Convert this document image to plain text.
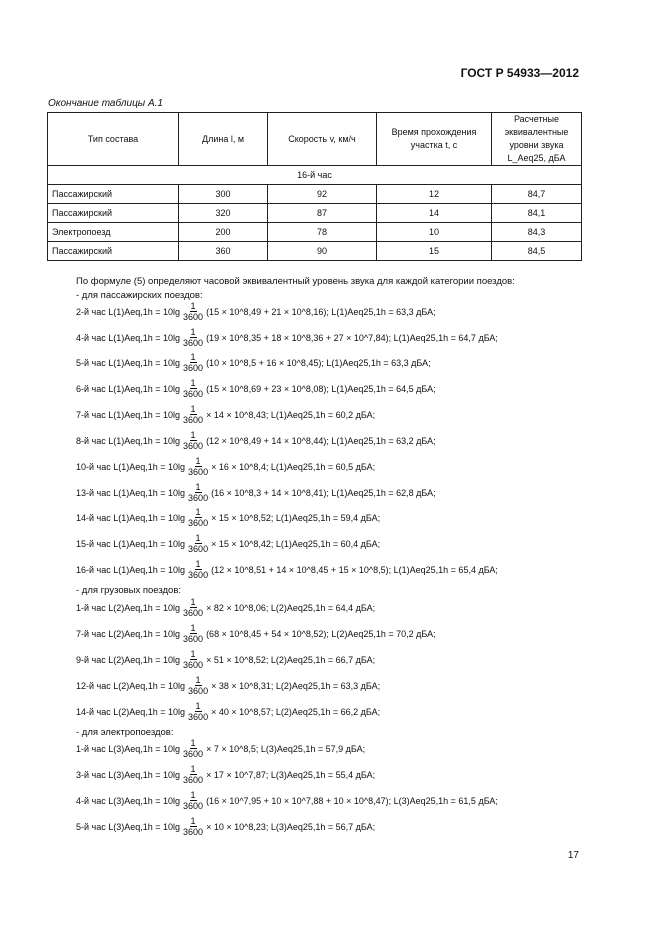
ГОСТ Р 54933—2012
Окончание таблицы А.1
Тип состава	Длина l, м	Скорость v, км/ч	Время прохождения участка t, с	Расчетные эквивалентные уровни звука L_Aeq25, дБА
16-й час				
Пассажирский	300	92	12	84,7
Пассажирский	320	87	14	84,1
Электропоезд	200	78	10	84,3
Пассажирский	360	90	15	84,5
По формуле (5) определяют часовой эквивалентный уровень звука для каждой категории поездов:
- для пассажирских поездов:
2-й час $L(1)Aeq,1h = 10\lg \frac{1}{3600} (15$ × 10^8,49 + 21 × 10^8,16); L(1)Aeq25,1h = 63,3 дБА;
4-й час $L(1)Aeq,1h = 10\lg \frac{1}{3600} (19$ × 10^8,35 + 18 × 10^8,36 + 27 × 10^7,84); L(1)Aeq25,1h = 64,7 дБА;
5-й час $L(1)Aeq,1h = 10\lg \frac{1}{3600} (10$ × 10^8,5 + 16 × 10^8,45); L(1)Aeq25,1h = 63,3 дБА;
6-й час $L(1)Aeq,1h = 10\lg \frac{1}{3600} (15$ × 10^8,69 + 23 × 10^8,08); L(1)Aeq25,1h = 64,5 дБА;
7-й час $L(1)Aeq,1h = 10\lg \frac{1}{3600} \times 14$ × 10^8,43; L(1)Aeq25,1h = 60,2 дБА;
8-й час $L(1)Aeq,1h = 10\lg \frac{1}{3600} (12$ × 10^8,49 + 14 × 10^8,44); L(1)Aeq25,1h = 63,2 дБА;
10-й час $L(1)Aeq,1h = 10\lg \frac{1}{3600} \times 16$ × 10^8,4; L(1)Aeq25,1h = 60,5 дБА;
13-й час $L(1)Aeq,1h = 10\lg \frac{1}{3600} (16$ × 10^8,3 + 14 × 10^8,41); L(1)Aeq25,1h = 62,8 дБА;
14-й час $L(1)Aeq,1h = 10\lg \frac{1}{3600} \times 15$ × 10^8,52; L(1)Aeq25,1h = 59,4 дБА;
15-й час $L(1)Aeq,1h = 10\lg \frac{1}{3600} \times 15$ × 10^8,42; L(1)Aeq25,1h = 60,4 дБА;
16-й час $L(1)Aeq,1h = 10\lg \frac{1}{3600} (12$ × 10^8,51 + 14 × 10^8,45 + 15 × 10^8,5); L(1)Aeq25,1h = 65,4 дБА;
- для грузовых поездов:
1-й час $L(2)Aeq,1h = 10\lg \frac{1}{3600} \times 82$ × 10^8,06; L(2)Aeq25,1h = 64,4 дБА;
7-й час $L(2)Aeq,1h = 10\lg \frac{1}{3600} (68$ × 10^8,45 + 54 × 10^8,52); L(2)Aeq25,1h = 70,2 дБА;
9-й час $L(2)Aeq,1h = 10\lg \frac{1}{3600} \times 51$ × 10^8,52; L(2)Aeq25,1h = 66,7 дБА;
12-й час $L(2)Aeq,1h = 10\lg \frac{1}{3600} \times 38$ × 10^8,31; L(2)Aeq25,1h = 63,3 дБА;
14-й час $L(2)Aeq,1h = 10\lg \frac{1}{3600} \times 40$ × 10^8,57; L(2)Aeq25,1h = 66,2 дБА;
- для электропоездов:
1-й час $L(3)Aeq,1h = 10\lg \frac{1}{3600} \times 7$ × 10^8,5; L(3)Aeq25,1h = 57,9 дБА;
3-й час $L(3)Aeq,1h = 10\lg \frac{1}{3600} \times 17$ × 10^7,87; L(3)Aeq25,1h = 55,4 дБА;
4-й час $L(3)Aeq,1h = 10\lg \frac{1}{3600} (16$ × 10^7,95 + 10 × 10^7,88 + 10 × 10^8,47); L(3)Aeq25,1h = 61,5 дБА;
5-й час $L(3)Aeq,1h = 10\lg \frac{1}{3600} \times 10$ × 10^8,23; L(3)Aeq25,1h = 56,7 дБА;
17
